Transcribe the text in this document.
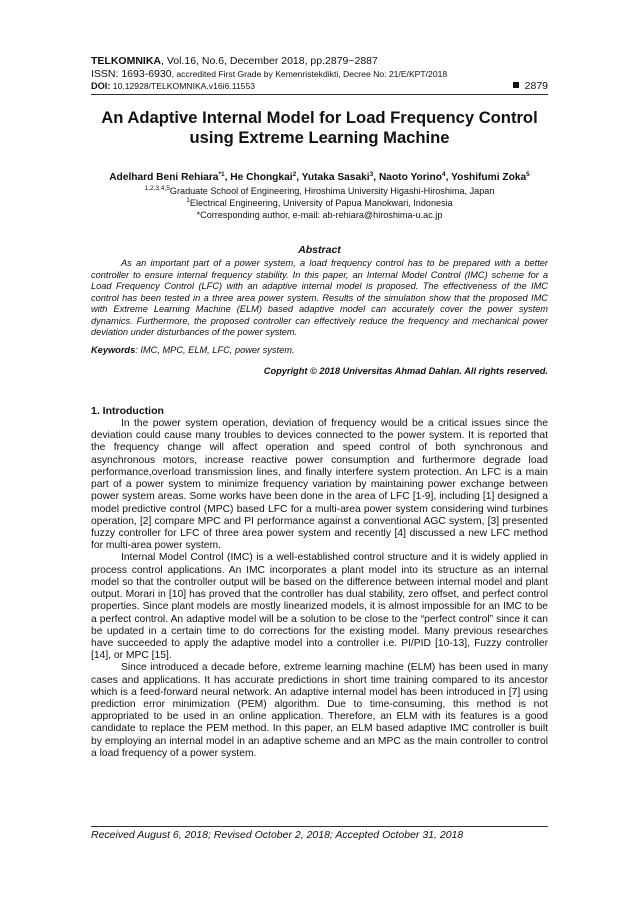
TELKOMNIKA, Vol.16, No.6, December 2018, pp.2879~2887
ISSN: 1693-6930, accredited First Grade by Kemenristekdikti, Decree No: 21/E/KPT/2018
DOI: 10.12928/TELKOMNIKA.v16i6.11553	2879
An Adaptive Internal Model for Load Frequency Control
using Extreme Learning Machine
Adelhard Beni Rehiara$^{*1}$, He Chongkai$^2$, Yutaka Sasaki$^3$, Naoto Yorino$^4$, Yoshifumi Zoka$^5$
$^{1,2,3,4,5}$Graduate School of Engineering, Hiroshima University Higashi-Hiroshima, Japan
$^1$Electrical Engineering, University of Papua Manokwari, Indonesia
*Corresponding author, e-mail: ab-rehiara@hiroshima-u.ac.jp
Abstract

As an important part of a power system, a load frequency control has to be prepared with a better controller to ensure internal frequency stability. In this paper, an Internal Model Control (IMC) scheme for a Load Frequency Control (LFC) with an adaptive internal model is proposed. The effectiveness of the IMC control has been tested in a three area power system. Results of the simulation show that the proposed IMC with Extreme Learning Machine (ELM) based adaptive model can accurately cover the power system dynamics. Furthermore, the proposed controller can effectively reduce the frequency and mechanical power deviation under disturbances of the power system.

Keywords: IMC, MPC, ELM, LFC, power system.
Copyright © 2018 Universitas Ahmad Dahlan. All rights reserved.
1. Introduction

In the power system operation, deviation of frequency would be a critical issues since the deviation could cause many troubles to devices connected to the power system. It is reported that the frequency change will affect operation and speed control of both synchronous and asynchronous motors, increase reactive power consumption and furthermore degrade load performance,overload transmission lines, and finally interfere system protection. An LFC is a main part of a power system to minimize frequency variation by maintaining power exchange between power system areas. Some works have been done in the area of LFC [1-9], including [1] designed a model predictive control (MPC) based LFC for a multi-area power system considering wind turbines operation, [2] compare MPC and PI performance against a conventional AGC system, [3] presented fuzzy controller for LFC of three area power system and recently [4] discussed a new LFC method for multi-area power system.

Internal Model Control (IMC) is a well-established control structure and it is widely applied in process control applications. An IMC incorporates a plant model into its structure as an internal model so that the controller output will be based on the difference between internal model and plant output. Morari in [10] has proved that the controller has dual stability, zero offset, and perfect control properties. Since plant models are mostly linearized models, it is almost impossible for an IMC to be a perfect control. An adaptive model will be a solution to be close to the “perfect control” since it can be updated in a certain time to do corrections for the existing model. Many previous researches have succeeded to apply the adaptive model into a controller i.e. PI/PID [10-13], Fuzzy controller [14], or MPC [15].

Since introduced a decade before, extreme learning machine (ELM) has been used in many cases and applications. It has accurate predictions in short time training compared to its ancestor which is a feed-forward neural network. An adaptive internal model has been introduced in [7] using prediction error minimization (PEM) algorithm. Due to time-consuming, this method is not appropriated to be used in an online application. Therefore, an ELM with its features is a good candidate to replace the PEM method. In this paper, an ELM based adaptive IMC controller is built by employing an internal model in an adaptive scheme and an MPC as the main controller to control a load frequency of a power system.

Received August 6, 2018; Revised October 2, 2018; Accepted October 31, 2018
